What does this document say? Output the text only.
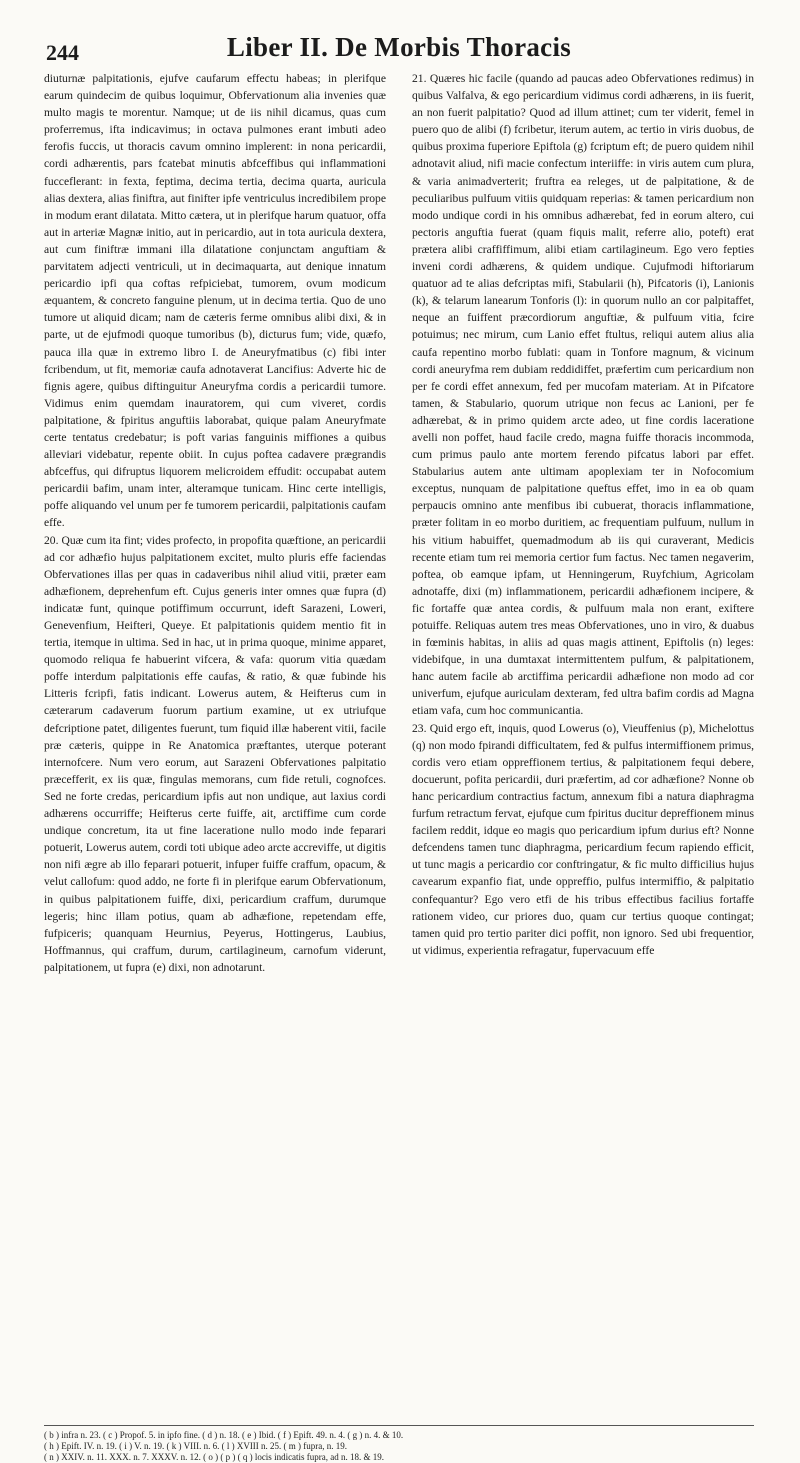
244	Liber II. De Morbis Thoracis

diuturnæ palpitationis, ejufve caufarum effectu habeas; in plerifque earum quindecim de quibus loquimur, Obfervationum alia invenies quæ multo magis te morentur. Namque; ut de iis nihil dicamus, quas cum proferremus, ifta indicavimus; in octava pulmones erant imbuti adeo ferofis fuccis, ut thoracis cavum omnino implerent: in nona pericardii, cordi adhærentis, pars fcatebat minutis abfceffibus qui inflammationi fucceflerant: in fexta, feptima, decima tertia, decima quarta, auricula alias dextera, alias finiftra, aut finifter ipfe ventriculus incredibilem prope in modum erant dilatata. Mitto cætera, ut in plerifque harum quatuor, offa aut in arteriæ Magnæ initio, aut in pericardio, aut in tota auricula dextera, aut cum finiftræ immani illa dilatatione conjunctam anguftiam & parvitatem adjecti ventriculi, ut in decimaquarta, aut denique innatum pericardio ipfi qua coftas refpiciebat, tumorem, ovum modicum æquantem, & concreto fanguine plenum, ut in decima tertia. Quo de uno tumore ut aliquid dicam; nam de cæteris ferme omnibus alibi dixi, & in parte, ut de ejufmodi quoque tumoribus (b), dicturus fum; vide, quæfo, pauca illa quæ in extremo libro I. de Aneuryfmatibus (c) fibi inter fcribendum, ut fit, memoriæ caufa adnotaverat Lancifius: Adverte hic de fignis agere, quibus diftinguitur Aneuryfma cordis a pericardii tumore. Vidimus enim quemdam inauratorem, qui cum viveret, cordis palpitatione, & fpiritus anguftiis laborabat, quique palam Aneuryfmate certe tentatus credebatur; is poft varias fanguinis miffiones a quibus alleviari videbatur, repente obiit. In cujus poftea cadavere prægrandis abfceffus, qui difruptus liquorem melicroidem effudit: occupabat autem pericardii bafim, unam inter, alteramque tunicam. Hinc certe intelligis, poffe aliquando vel unum per fe tumorem pericardii, palpitationis caufam effe.

20. Quæ cum ita fint; vides profecto, in propofita quæftione, an pericardii ad cor adhæfio hujus palpitationem excitet, multo pluris effe faciendas Obfervationes illas per quas in cadaveribus nihil aliud vitii, præter eam adhæfionem, deprehenfum eft. Cujus generis inter omnes quæ fupra (d) indicatæ funt, quinque potiffimum occurrunt, ideft Sarazeni, Loweri, Genevenfium, Heifteri, Queye. Et palpitationis quidem mentio fit in tertia, itemque in ultima. Sed in hac, ut in prima quoque, minime apparet, quomodo reliqua fe habuerint vifcera, & vafa: quorum vitia quædam poffe interdum palpitationis effe caufas, & ratio, & quæ fubinde his Litteris fcripfi, fatis indicant. Lowerus autem, & Heifterus cum in cæterarum cadaverum fuorum partium examine, ut ex utriufque defcriptione patet, diligentes fuerunt, tum fiquid illæ haberent vitii, facile præ cæteris, quippe in Re Anatomica præftantes, uterque poterant internofcere. Num vero eorum, aut Sarazeni Obfervationes palpitatio præcefferit, ex iis quæ, fingulas memorans, cum fide retuli, cognofces. Sed ne forte credas, pericardium ipfis aut non undique, aut laxius cordi adhærens occurriffe; Heifterus certe fuiffe, ait, arctiffime cum corde undique concretum, ita ut fine laceratione nullo modo inde feparari potuerit, Lowerus autem, cordi toti ubique adeo arcte accreviffe, ut digitis non nifi ægre ab illo feparari potuerit, infuper fuiffe craffum, opacum, & velut callofum: quod addo, ne forte fi in plerifque earum Obfervationum, in quibus palpitationem fuiffe, dixi, pericardium craffum, durumque legeris; hinc illam potius, quam ab adhæfione, repetendam effe, fufpiceris; quanquam Heurnius, Peyerus, Hottingerus, Laubius, Hoffmannus, qui craffum, durum, cartilagineum, carnofum viderunt, palpitationem, ut fupra (e) dixi, non adnotarunt.

21. Quæres hic facile (quando ad paucas adeo Obfervationes redimus) in quibus Valfalva, & ego pericardium vidimus cordi adhærens, in iis fuerit, an non fuerit palpitatio? Quod ad illum attinet; cum ter viderit, femel in puero quo de alibi (f) fcribetur, iterum autem, ac tertio in viris duobus, de quibus proxima fuperiore Epiftola (g) fcriptum eft; de puero quidem nihil adnotavit aliud, nifi macie confectum interiiffe: in viris autem cum plura, & varia animadverterit; fruftra ea releges, ut de palpitatione, & de peculiaribus pulfuum vitiis quidquam reperias: & tamen pericardium non modo undique cordi in his omnibus adhærebat, fed in eorum altero, cui pectoris anguftia fuerat (quam fiquis malit, referre alio, poteft) erat prætera alibi craffiffimum, alibi etiam cartilagineum. Ego vero fepties inveni cordi adhærens, & quidem undique. Cujufmodi hiftoriarum quatuor ad te alias defcriptas mifi, Stabularii (h), Pifcatoris (i), Lanionis (k), & telarum lanearum Tonforis (l): in quorum nullo an cor palpitaffet, neque an fuiffent præcordiorum anguftiæ, & pulfuum vitia, fcire potuimus; nec mirum, cum Lanio effet ftultus, reliqui autem alius alia caufa repentino morbo fublati: quam in Tonfore magnum, & vicinum cordi aneuryfma rem dubiam reddidiffet, præfertim cum pericardium non per fe cordi effet annexum, fed per mucofam materiam. At in Pifcatore tamen, & Stabulario, quorum utrique non fecus ac Lanioni, per fe adhærebat, & in primo quidem arcte adeo, ut fine cordis laceratione avelli non poffet, haud facile credo, magna fuiffe thoracis incommoda, cum primus paulo ante mortem ferendo pifcatus labori par effet. Stabularius autem ante ultimam apoplexiam ter in Nofocomium exceptus, nunquam de palpitatione queftus effet, imo in ea ob quam perpaucis omnino ante menfibus ibi cubuerat, thoracis inflammatione, præter folitam in eo morbo duritiem, ac frequentiam pulfuum, nullum in his vitium habuiffet, quemadmodum ab iis qui curaverant, Medicis recente etiam tum rei memoria certior fum factus. Nec tamen negaverim, poftea, ob eamque ipfam, ut Henningerum, Ruyfchium, Agricolam adnotaffe, dixi (m) inflammationem, pericardii adhæfionem incipere, & fic fortaffe quæ antea cordis, & pulfuum mala non erant, exiftere potuiffe. Reliquas autem tres meas Obfervationes, uno in viro, & duabus in fœminis habitas, in aliis ad quas magis attinent, Epiftolis (n) leges: videbifque, in una dumtaxat intermittentem pulfum, & palpitationem, hanc autem facile ab arctiffima pericardii adhæfione non modo ad cor univerfum, ejufque auriculam dexteram, fed ultra bafim cordis ad Magna etiam vafa, cum hoc communicantia.

23. Quid ergo eft, inquis, quod Lowerus (o), Vieuffenius (p), Michelottus (q) non modo fpirandi difficultatem, fed & pulfus intermiffionem primus, cordis vero etiam oppreffionem tertius, & palpitationem fequi debere, docuerunt, pofita pericardii, duri præfertim, ad cor adhæfione? Nonne ob hanc pericardium contractius factum, annexum fibi a natura diaphragma furfum retractum fervat, ejufque cum fpiritus ducitur depreffionem minus facilem reddit, idque eo magis quo pericardium ipfum durius eft? Nonne defcendens tamen tunc diaphragma, pericardium fecum rapiendo efficit, ut tunc magis a pericardio cor conftringatur, & fic multo difficilius hujus cavearum expanfio fiat, unde oppreffio, pulfus intermiffio, & palpitatio confequantur? Ego vero etfi de his tribus effectibus facilius fortaffe rationem video, cur priores duo, quam cur tertius quoque contingat; tamen quid pro tertio pariter dici poffit, non ignoro. Sed ubi frequentior, ut vidimus, experientia refragatur, fupervacuum effe

( b ) infra n. 23. ( c ) Propof. 5. in ipfo fine. ( d ) n. 18. ( e ) Ibid. ( f ) Epift. 49. n. 4. ( g ) n. 4. & 10.
( h ) Epift. IV. n. 19. ( i ) V. n. 19. ( k ) VIII. n. 6. ( l ) XVIII n. 25. ( m ) fupra, n. 19.
( n ) XXIV. n. 11. XXX. n. 7. XXXV. n. 12. ( o ) ( p ) ( q ) locis indicatis fupra, ad n. 18. & 19.
